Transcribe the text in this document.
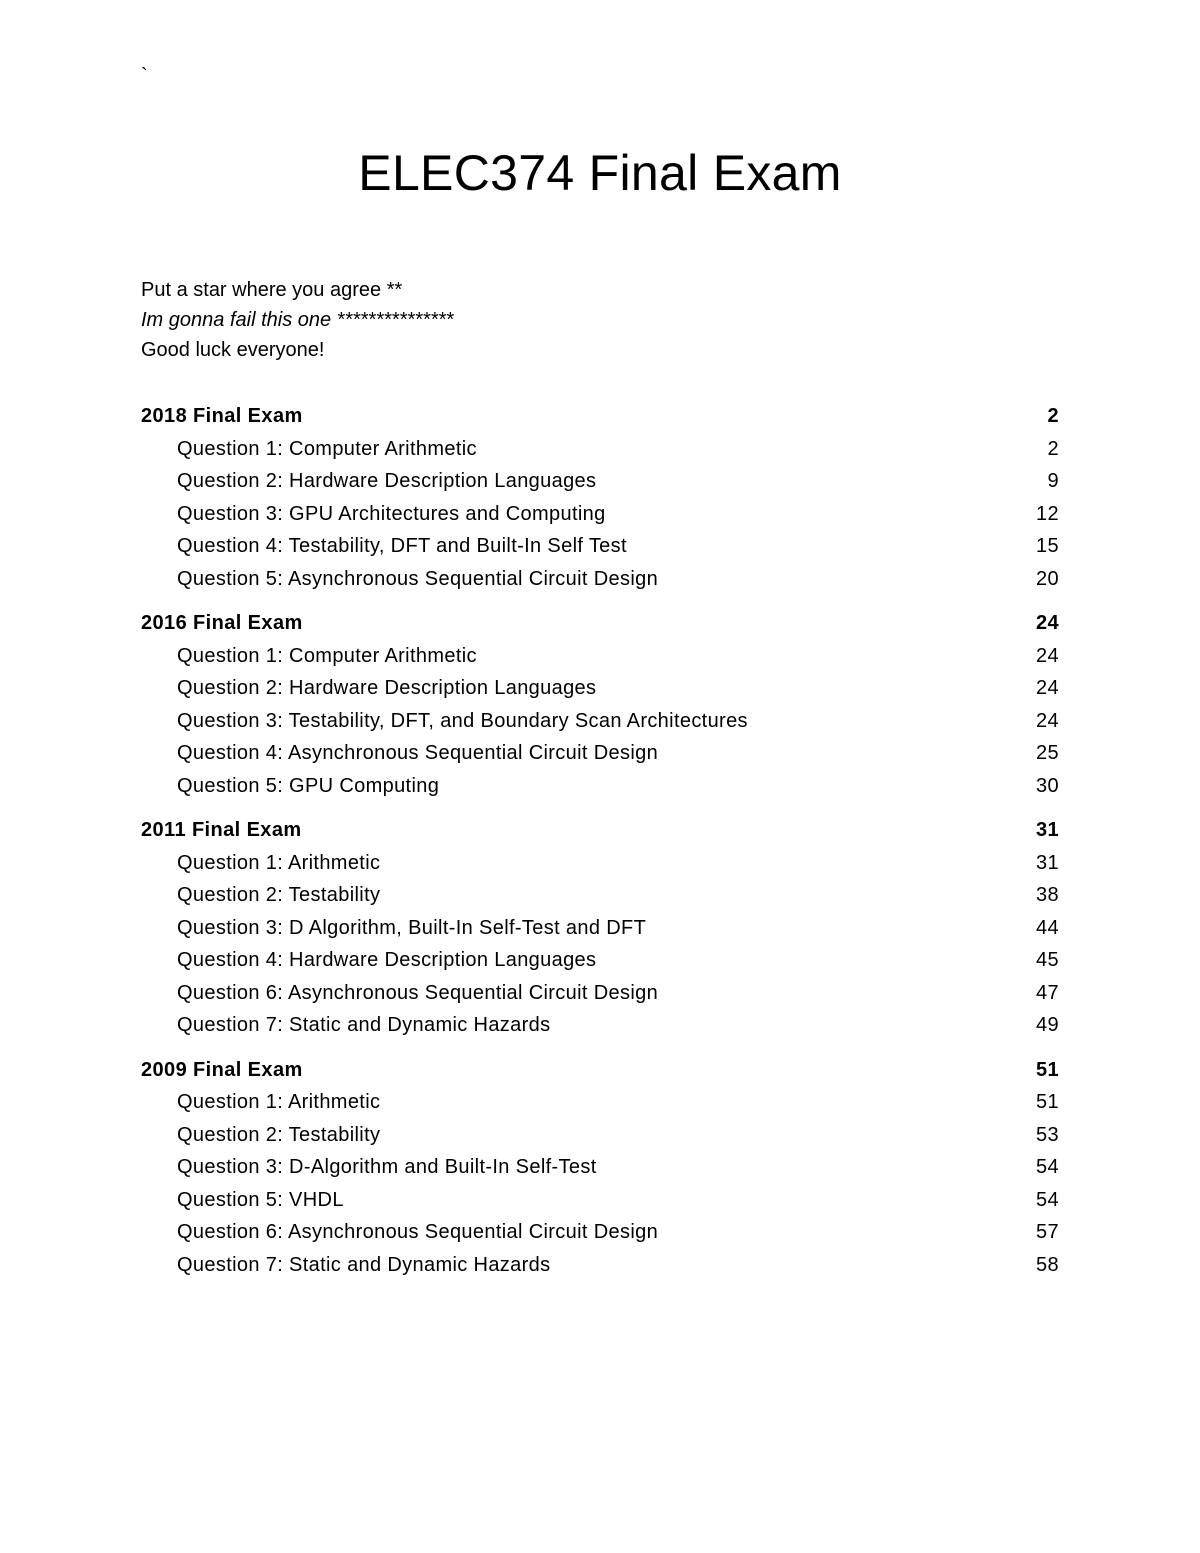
`
ELEC374 Final Exam
Put a star where you agree **
Im gonna fail this one ***************
Good luck everyone!
2018 Final Exam	2
Question 1: Computer Arithmetic	2
Question 2: Hardware Description Languages	9
Question 3: GPU Architectures and Computing	12
Question 4: Testability, DFT and Built-In Self Test	15
Question 5: Asynchronous Sequential Circuit Design	20
2016 Final Exam	24
Question 1: Computer Arithmetic	24
Question 2: Hardware Description Languages	24
Question 3: Testability, DFT, and Boundary Scan Architectures	24
Question 4: Asynchronous Sequential Circuit Design	25
Question 5: GPU Computing	30
2011 Final Exam	31
Question 1: Arithmetic	31
Question 2: Testability	38
Question 3: D Algorithm, Built-In Self-Test and DFT	44
Question 4: Hardware Description Languages	45
Question 6: Asynchronous Sequential Circuit Design	47
Question 7: Static and Dynamic Hazards	49
2009 Final Exam	51
Question 1: Arithmetic	51
Question 2: Testability	53
Question 3: D-Algorithm and Built-In Self-Test	54
Question 5: VHDL	54
Question 6: Asynchronous Sequential Circuit Design	57
Question 7: Static and Dynamic Hazards	58
